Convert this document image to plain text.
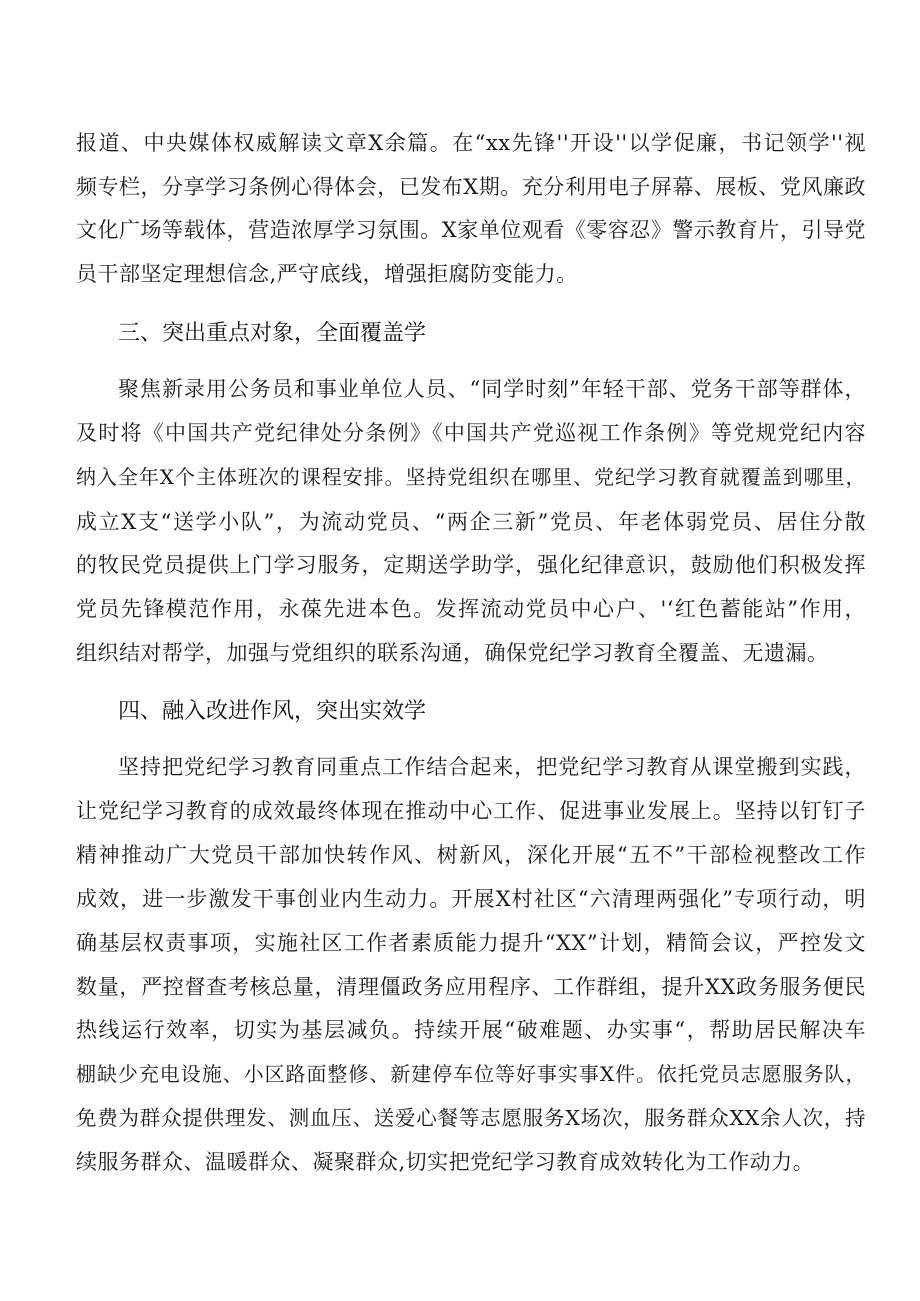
报道、中央媒体权威解读文章X余篇。在“xx先锋''开设''以学促廉，书记领学''视
频专栏，分享学习条例心得体会，已发布X期。充分利用电子屏幕、展板、党风廉政
文化广场等载体，营造浓厚学习氛围。X家单位观看《零容忍》警示教育片，引导党
员干部坚定理想信念,严守底线，增强拒腐防变能力。
三、突出重点对象，全面覆盖学
聚焦新录用公务员和事业单位人员、“同学时刻”年轻干部、党务干部等群体，
及时将《中国共产党纪律处分条例》《中国共产党巡视工作条例》等党规党纪内容
纳入全年X个主体班次的课程安排。坚持党组织在哪里、党纪学习教育就覆盖到哪里，
成立X支“送学小队”，为流动党员、“两企三新”党员、年老体弱党员、居住分散
的牧民党员提供上门学习服务，定期送学助学，强化纪律意识，鼓励他们积极发挥
党员先锋模范作用，永葆先进本色。发挥流动党员中心户、'‘红色蓄能站”作用，
组织结对帮学，加强与党组织的联系沟通，确保党纪学习教育全覆盖、无遗漏。
四、融入改进作风，突出实效学
坚持把党纪学习教育同重点工作结合起来，把党纪学习教育从课堂搬到实践，
让党纪学习教育的成效最终体现在推动中心工作、促进事业发展上。坚持以钉钉子
精神推动广大党员干部加快转作风、树新风，深化开展“五不”干部检视整改工作
成效，进一步激发干事创业内生动力。开展X村社区“六清理两强化”专项行动，明
确基层权责事项，实施社区工作者素质能力提升“XX”计划，精简会议，严控发文
数量，严控督查考核总量，清理僵政务应用程序、工作群组，提升XX政务服务便民
热线运行效率，切实为基层减负。持续开展“破难题、办实事“，帮助居民解决车
棚缺少充电设施、小区路面整修、新建停车位等好事实事X件。依托党员志愿服务队，
免费为群众提供理发、测血压、送爱心餐等志愿服务X场次，服务群众XX余人次，持
续服务群众、温暖群众、凝聚群众,切实把党纪学习教育成效转化为工作动力。
